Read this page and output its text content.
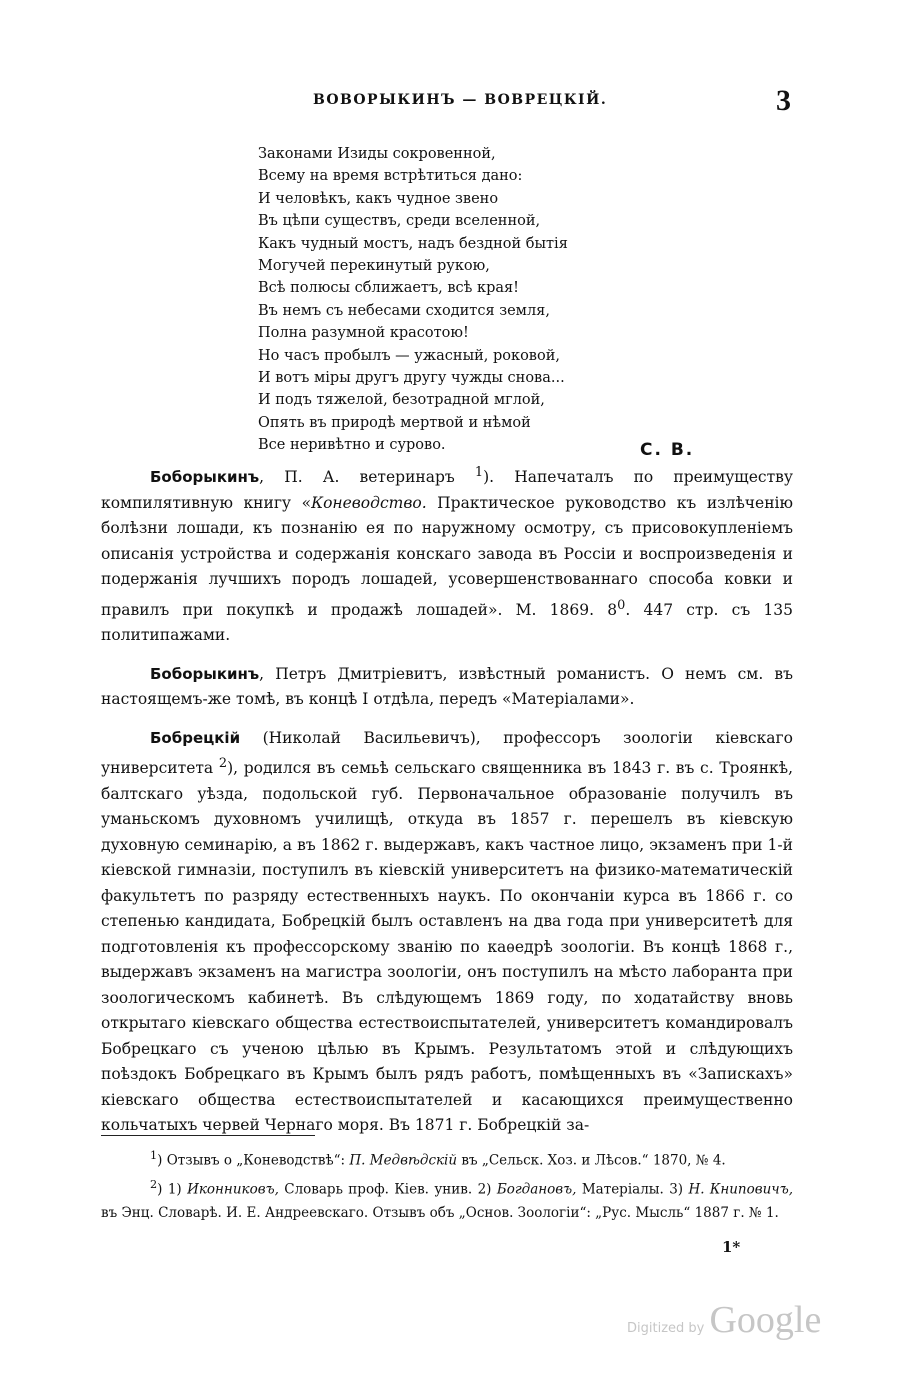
ВОВОРЫКИНЪ — ВОВРЕЦКІЙ.	3
Законами Изиды сокровенной,
Всему на время встрѣтиться дано:
И человѣкъ, какъ чудное звено
Въ цѣпи существъ, среди вселенной,
Какъ чудный мостъ, надъ бездной бытія
Могучей перекинутый рукою,
Всѣ полюсы сближаетъ, всѣ края!
Въ немъ съ небесами сходится земля,
Полна разумной красотою!
Но часъ пробылъ — ужасный, роковой,
И вотъ міры другъ другу чужды снова...
И подъ тяжелой, безотрадной мглой,
Опять въ природѣ мертвой и нѣмой
Все неривѣтно и сурово.	С. В.

Боборыкинъ, П. А. ветеринаръ $^1$). Напечаталъ по преимуществу компилятивную книгу «Коневодство. Практическое руководство къ излѣченію болѣзни лошади, къ познанію ея по наружному осмотру, съ присовокупленіемъ описанія устройства и содержанія конскаго завода въ Россіи и воспроизведенія и подержанія лучшихъ породъ лошадей, усовершенствованнаго способа ковки и правилъ при покупкѣ и продажѣ лошадей». М. 1869. $8^0$. 447 стр. съ 135 политипажами.

Боборыкинъ, Петръ Дмитріевитъ, извѣстный романистъ. О немъ см. въ настоящемъ-же томѣ, въ концѣ I отдѣла, передъ «Матеріалами».

Бобрецкій (Николай Васильевичъ), профессоръ зоологіи кіевскаго университета $^2$), родился въ семьѣ сельскаго священника въ 1843 г. въ с. Троянкѣ, балтскаго уѣзда, подольской губ. Первоначальное образованіе получилъ въ уманьскомъ духовномъ училищѣ, откуда въ 1857 г. перешелъ въ кіевскую духовную семинарію, а въ 1862 г. выдержавъ, какъ частное лицо, экзаменъ при 1-й кіевской гимназіи, поступилъ въ кіевскій университетъ на физико-математическій факультетъ по разряду естественныхъ наукъ. По окончаніи курса въ 1866 г. со степенью кандидата, Бобрецкій былъ оставленъ на два года при университетѣ для подготовленія къ профессорскому званію по каѳедрѣ зоологіи. Въ концѣ 1868 г., выдержавъ экзаменъ на магистра зоологіи, онъ поступилъ на мѣсто лаборанта при зоологическомъ кабинетѣ. Въ слѣдующемъ 1869 году, по ходатайству вновь открытаго кіевскаго общества естествоиспытателей, университетъ командировалъ Бобрецкаго съ ученою цѣлью въ Крымъ. Результатомъ этой и слѣдующихъ поѣздокъ Бобрецкаго въ Крымъ былъ рядъ работъ, помѣщенныхъ въ «Запискахъ» кіевскаго общества естествоиспытателей и касающихся преимущественно кольчатыхъ червей Чернаго моря. Въ 1871 г. Бобрецкій за-

$^1$) Отзывъ о „Коневодствѣ“: П. Медвѣдскій въ „Сельск. Хоз. и Лѣсов.“ 1870, № 4.

$^2$) 1) Иконниковъ, Словарь проф. Кіев. унив. 2) Богдановъ, Матеріалы. 3) Н. Книповичъ, въ Энц. Словарѣ. И. Е. Андреевскаго. Отзывъ объ „Основ. Зоологіи“: „Рус. Мысль“ 1887 г. № 1.

1*
Digitized by Google
